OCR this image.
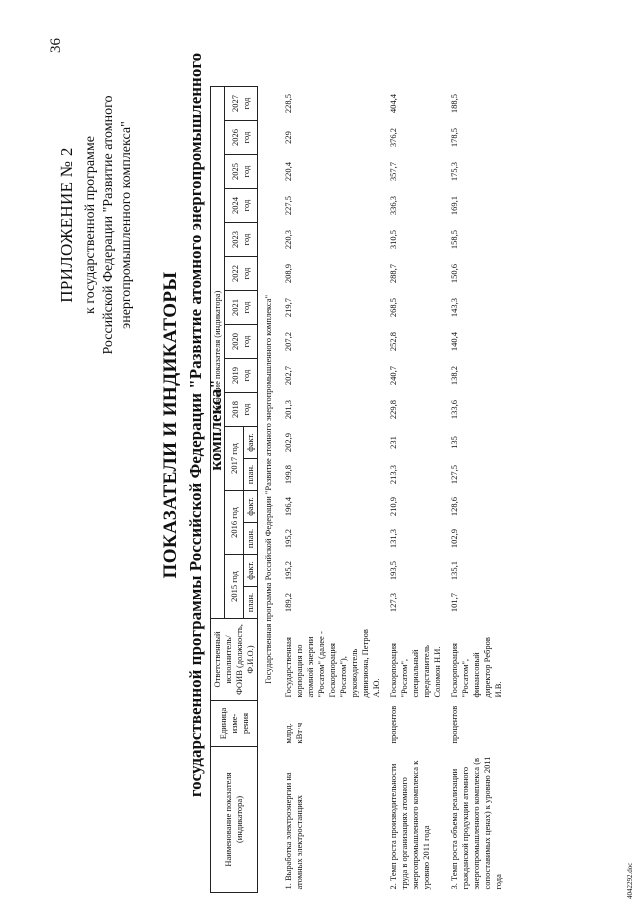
36
ПРИЛОЖЕНИЕ № 2 к государственной программе Российской Федерации "Развитие атомного энергопромышленного комплекса"
ПОКАЗАТЕЛИ И ИНДИКАТОРЫ государственной программы Российской Федерации "Развитие атомного энергопромышленного комплекса"
Наименование показателя (индикатора)	Единица изме-рения	Ответственный исполнитель/ ФОИВ (должность, Ф.И.О.)	Значение показателя (индикатора)															
			2015 год		2016 год		2017 год		2018 год	2019 год	2020 год	2021 год	2022 год	2023 год	2024 год	2025 год	2026 год	2027 год
			план.	факт.	план.	факт.	план.	факт.										
Государственная программа Российской Федерации "Развитие атомного энергопромышленного комплекса"																		
1. Выработка электроэнергии на атомных электростанциях	млрд. кВт·ч	Государственная корпорация по атомной энергии "Росатом" (далее - Госкорпорация "Росатом"), руководитель дивизиона, Петров А.Ю.	189,2	195,2	195,2	196,4	199,8	202,9	201,3	202,7	207,2	219,7	208,9	220,3	227,5	220,4	229	228,5
2. Темп роста производительности труда в организациях атомного энергопромышленного комплекса к уровню 2011 года	процентов	Госкорпорация "Росатом", специальный представитель Соломон Н.И.	127,3	193,5	131,3	210,9	213,3	231	229,8	240,7	252,8	268,5	288,7	310,5	336,3	357,7	376,2	404,4
3. Темп роста объема реализации гражданской продукции атомного энергопромышленного комплекса (в сопоставимых ценах) к уровню 2011 года	процентов	Госкорпорация "Росатом", финансовый директор Ребров И.В.	101,7	135,1	102,9	128,6	127,5	135	133,6	138,2	140,4	143,3	150,6	158,5	169,1	175,3	178,5	188,5
4042292.doc
